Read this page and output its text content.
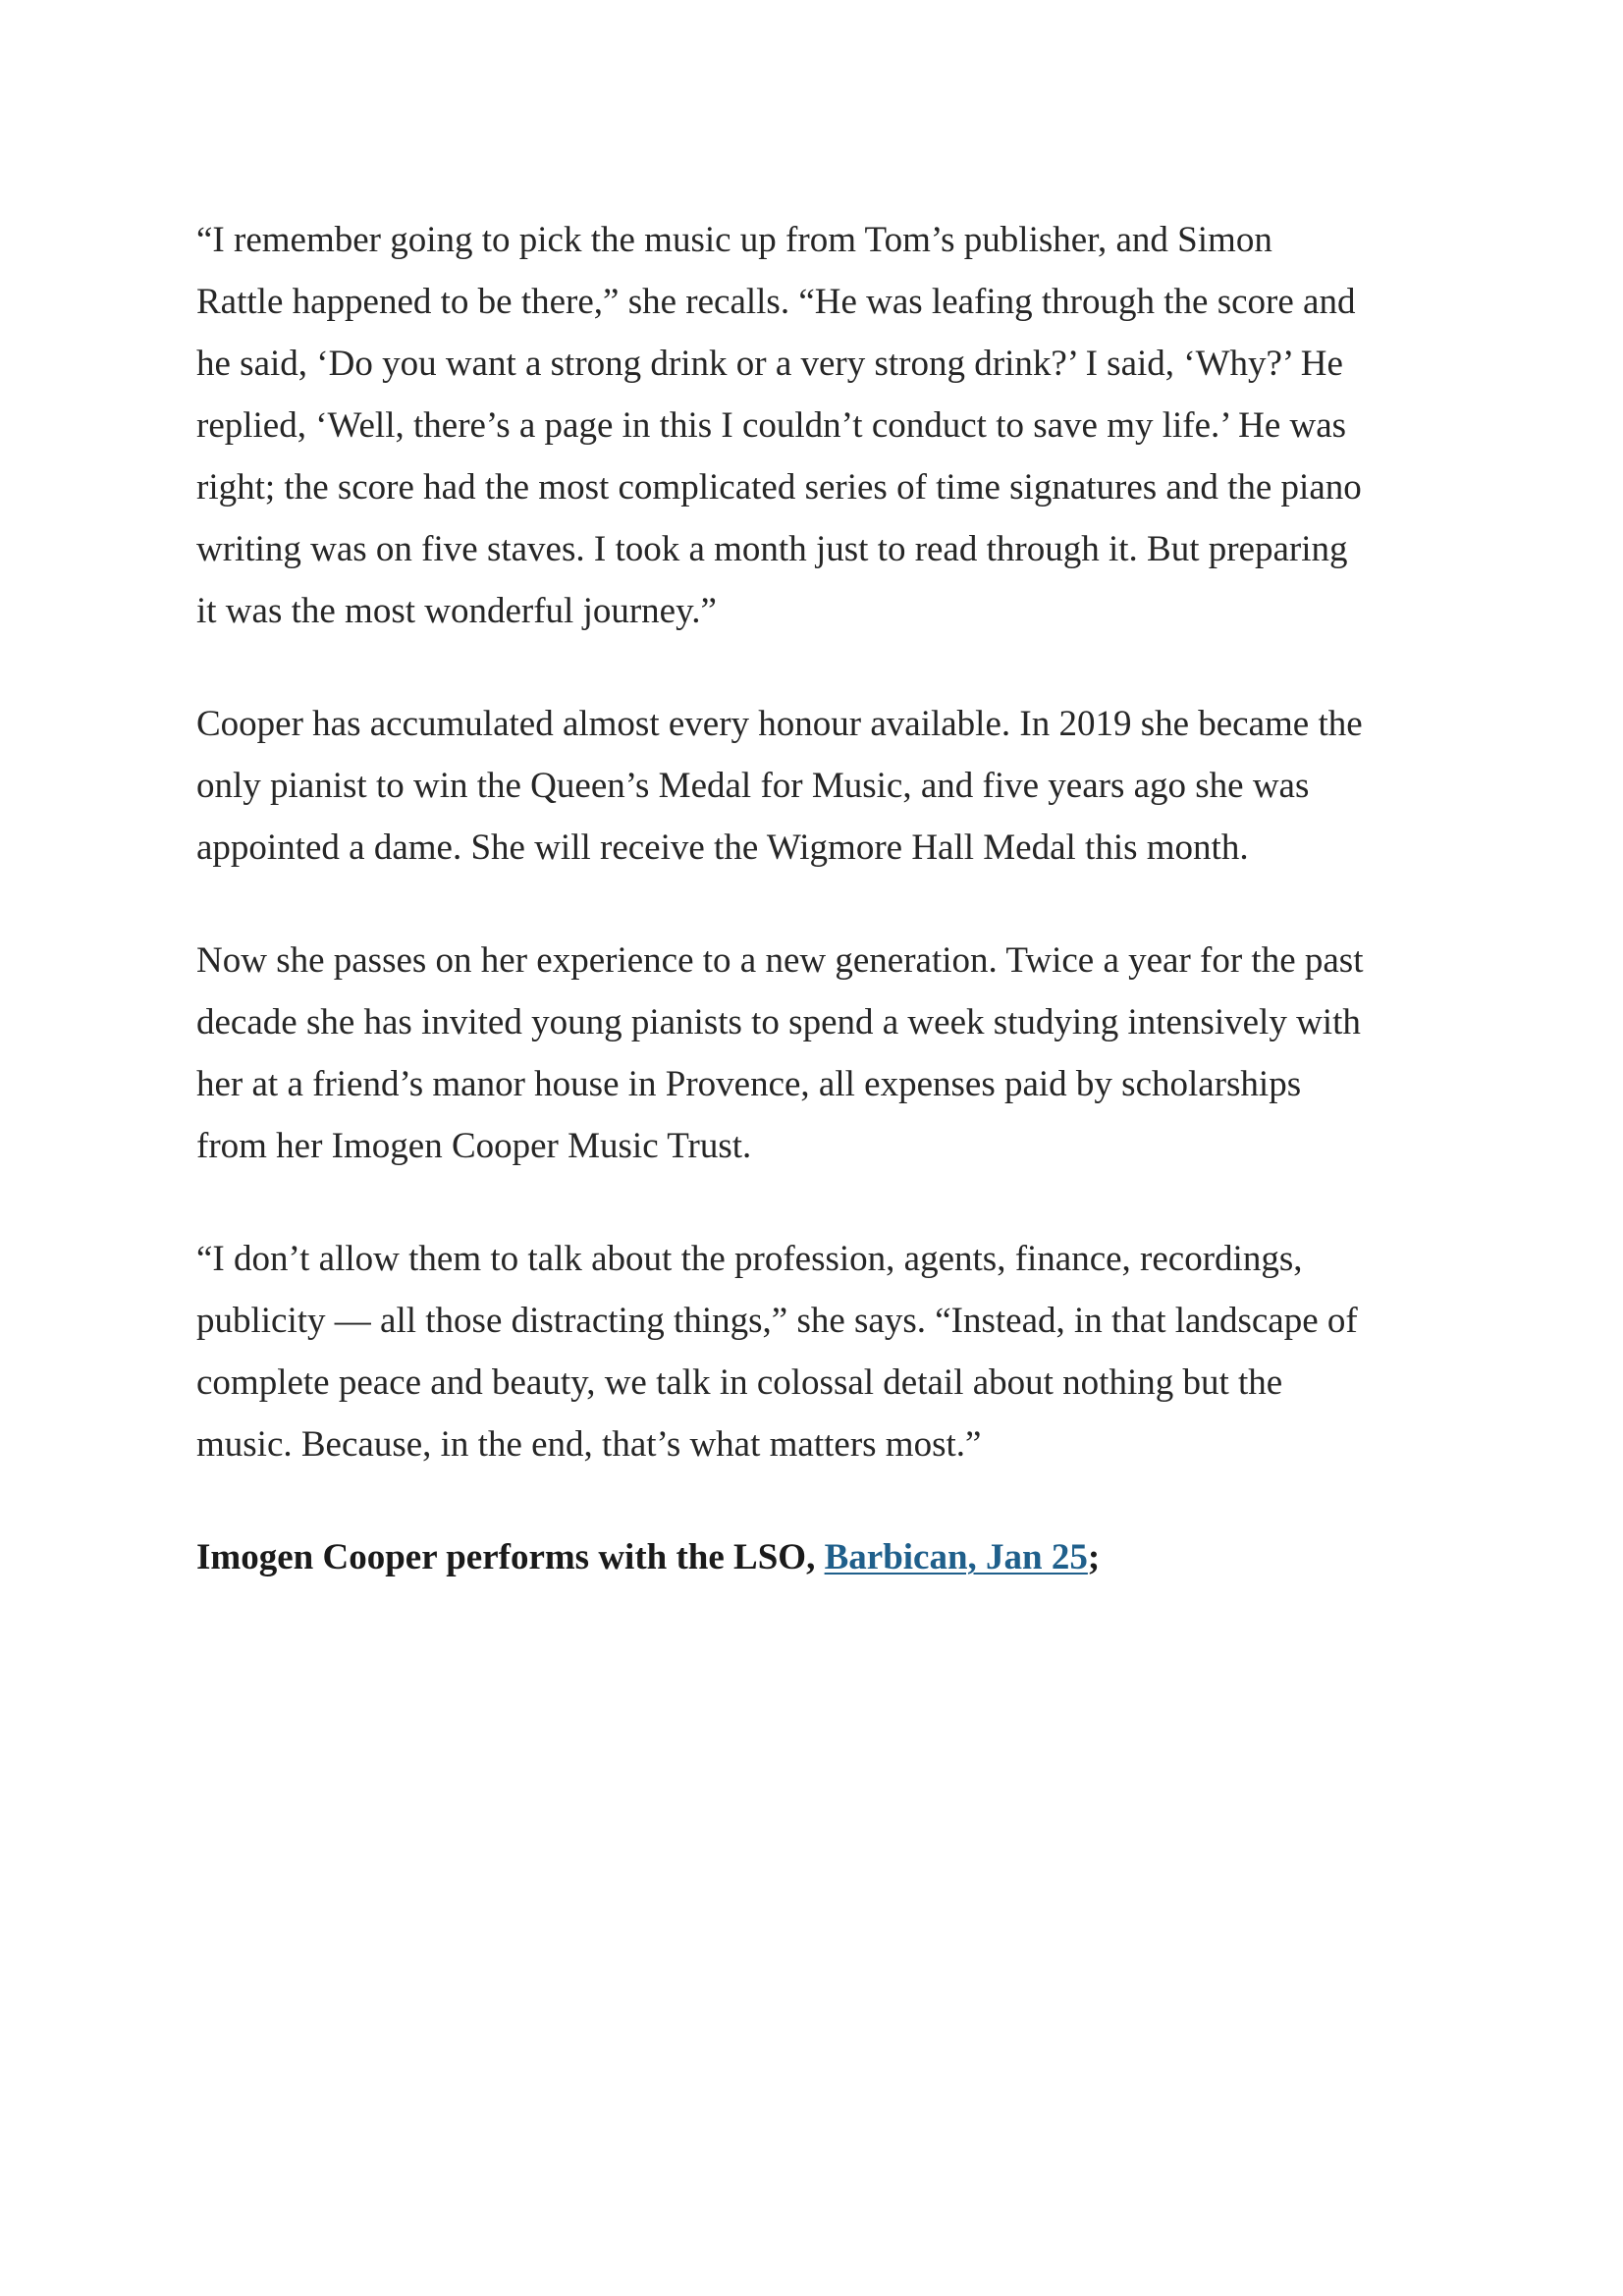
“I remember going to pick the music up from Tom’s publisher, and Simon
Rattle happened to be there,” she recalls. “He was leafing through the score and
he said, ‘Do you want a strong drink or a very strong drink?’ I said, ‘Why?’ He
replied, ‘Well, there’s a page in this I couldn’t conduct to save my life.’ He was
right; the score had the most complicated series of time signatures and the piano
writing was on five staves. I took a month just to read through it. But preparing
it was the most wonderful journey.”

Cooper has accumulated almost every honour available. In 2019 she became the
only pianist to win the Queen’s Medal for Music, and five years ago she was
appointed a dame. She will receive the Wigmore Hall Medal this month.

Now she passes on her experience to a new generation. Twice a year for the past
decade she has invited young pianists to spend a week studying intensively with
her at a friend’s manor house in Provence, all expenses paid by scholarships
from her Imogen Cooper Music Trust.

“I don’t allow them to talk about the profession, agents, finance, recordings,
publicity — all those distracting things,” she says. “Instead, in that landscape of
complete peace and beauty, we talk in colossal detail about nothing but the
music. Because, in the end, that’s what matters most.”

Imogen Cooper performs with the LSO, Barbican, Jan 25;
